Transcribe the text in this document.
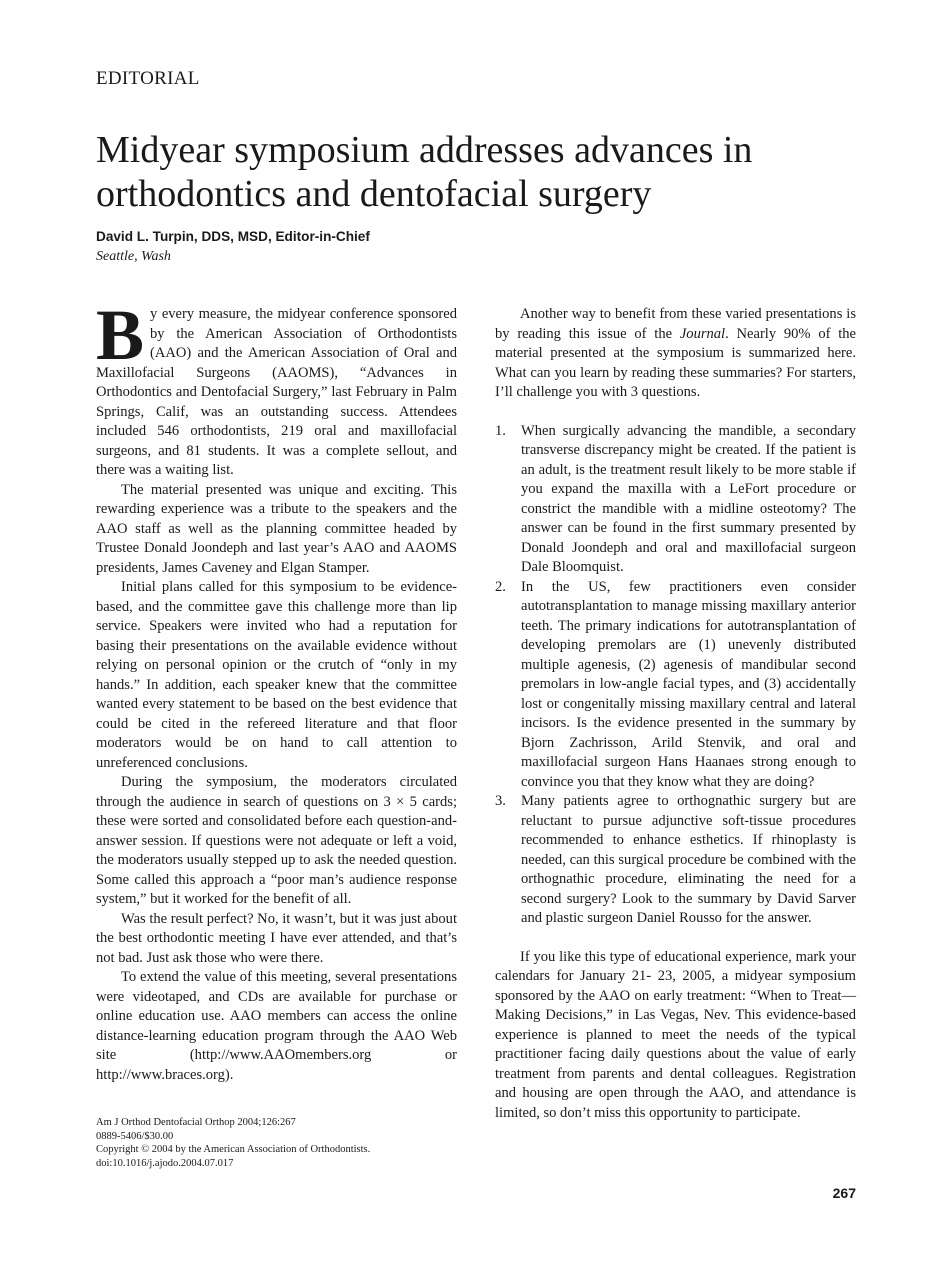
EDITORIAL
Midyear symposium addresses advances in orthodontics and dentofacial surgery
David L. Turpin, DDS, MSD, Editor-in-Chief
Seattle, Wash

By every measure, the midyear conference sponsored by the American Association of Orthodontists (AAO) and the American Association of Oral and Maxillofacial Surgeons (AAOMS), “Advances in Orthodontics and Dentofacial Surgery,” last February in Palm Springs, Calif, was an outstanding success. Attendees included 546 orthodontists, 219 oral and maxillofacial surgeons, and 81 students. It was a complete sellout, and there was a waiting list.

The material presented was unique and exciting. This rewarding experience was a tribute to the speakers and the AAO staff as well as the planning committee headed by Trustee Donald Joondeph and last year’s AAO and AAOMS presidents, James Caveney and Elgan Stamper.

Initial plans called for this symposium to be evidence-based, and the committee gave this challenge more than lip service. Speakers were invited who had a reputation for basing their presentations on the available evidence without relying on personal opinion or the crutch of “only in my hands.” In addition, each speaker knew that the committee wanted every statement to be based on the best evidence that could be cited in the refereed literature and that floor moderators would be on hand to call attention to unreferenced conclusions.

During the symposium, the moderators circulated through the audience in search of questions on 3 × 5 cards; these were sorted and consolidated before each question-and-answer session. If questions were not adequate or left a void, the moderators usually stepped up to ask the needed question. Some called this approach a “poor man’s audience response system,” but it worked for the benefit of all.

Was the result perfect? No, it wasn’t, but it was just about the best orthodontic meeting I have ever attended, and that’s not bad. Just ask those who were there.

To extend the value of this meeting, several presentations were videotaped, and CDs are available for purchase or online education use. AAO members can access the online distance-learning education program through the AAO Web site (http://www.AAOmembers.org or http://www.braces.org).

Another way to benefit from these varied presentations is by reading this issue of the Journal. Nearly 90% of the material presented at the symposium is summarized here. What can you learn by reading these summaries? For starters, I’ll challenge you with 3 questions.

1. When surgically advancing the mandible, a secondary transverse discrepancy might be created. If the patient is an adult, is the treatment result likely to be more stable if you expand the maxilla with a LeFort procedure or constrict the mandible with a midline osteotomy? The answer can be found in the first summary presented by Donald Joondeph and oral and maxillofacial surgeon Dale Bloomquist.
2. In the US, few practitioners even consider autotransplantation to manage missing maxillary anterior teeth. The primary indications for autotransplantation of developing premolars are (1) unevenly distributed multiple agenesis, (2) agenesis of mandibular second premolars in low-angle facial types, and (3) accidentally lost or congenitally missing maxillary central and lateral incisors. Is the evidence presented in the summary by Bjorn Zachrisson, Arild Stenvik, and oral and maxillofacial surgeon Hans Haanaes strong enough to convince you that they know what they are doing?
3. Many patients agree to orthognathic surgery but are reluctant to pursue adjunctive soft-tissue procedures recommended to enhance esthetics. If rhinoplasty is needed, can this surgical procedure be combined with the orthognathic procedure, eliminating the need for a second surgery? Look to the summary by David Sarver and plastic surgeon Daniel Rousso for the answer.

If you like this type of educational experience, mark your calendars for January 21- 23, 2005, a midyear symposium sponsored by the AAO on early treatment: “When to Treat—Making Decisions,” in Las Vegas, Nev. This evidence-based experience is planned to meet the needs of the typical practitioner facing daily questions about the value of early treatment from parents and dental colleagues. Registration and housing are open through the AAO, and attendance is limited, so don’t miss this opportunity to participate.

Am J Orthod Dentofacial Orthop 2004;126:267
0889-5406/$30.00
Copyright © 2004 by the American Association of Orthodontists.
doi:10.1016/j.ajodo.2004.07.017
267
